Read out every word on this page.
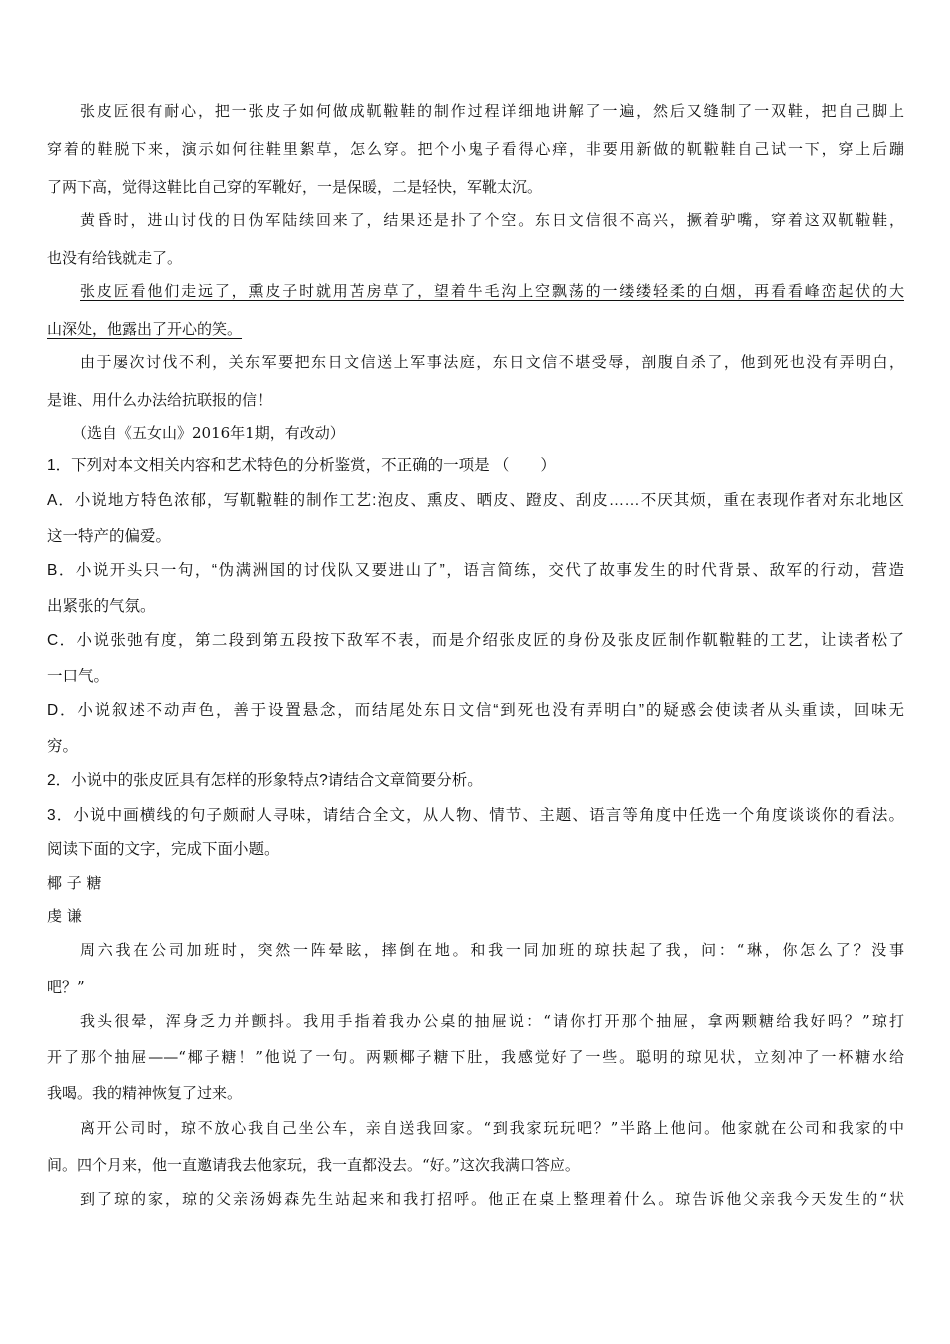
张皮匠很有耐心，把一张皮子如何做成靰鞡鞋的制作过程详细地讲解了一遍，然后又缝制了一双鞋，把自己脚上
穿着的鞋脱下来，演示如何往鞋里絮草，怎么穿。把个小鬼子看得心痒，非要用新做的靰鞡鞋自己试一下，穿上后蹦
了两下高，觉得这鞋比自己穿的军靴好，一是保暖，二是轻快，军靴太沉。
黄昏时，进山讨伐的日伪军陆续回来了，结果还是扑了个空。东日文信很不高兴，撅着驴嘴，穿着这双靰鞡鞋，
也没有给钱就走了。
张皮匠看他们走远了，熏皮子时就用苫房草了，望着牛毛沟上空飘荡的一缕缕轻柔的白烟，再看看峰峦起伏的大
山深处，他露出了开心的笑。
由于屡次讨伐不利，关东军要把东日文信送上军事法庭，东日文信不堪受辱，剖腹自杀了，他到死也没有弄明白，
是谁、用什么办法给抗联报的信！
（选自《五女山》2016年1期，有改动）
1．下列对本文相关内容和艺术特色的分析鉴赏，不正确的一项是 （　　）
A．小说地方特色浓郁，写靰鞡鞋的制作工艺:泡皮、熏皮、晒皮、蹬皮、刮皮……不厌其烦，重在表现作者对东北地区
这一特产的偏爱。
B．小说开头只一句，“伪满洲国的讨伐队又要进山了”，语言简练，交代了故事发生的时代背景、敌军的行动，营造
出紧张的气氛。
C．小说张弛有度，第二段到第五段按下敌军不表，而是介绍张皮匠的身份及张皮匠制作靰鞡鞋的工艺，让读者松了
一口气。
D．小说叙述不动声色，善于设置悬念，而结尾处东日文信“到死也没有弄明白”的疑惑会使读者从头重读，回味无
穷。
2．小说中的张皮匠具有怎样的形象特点?请结合文章简要分析。
3．小说中画横线的句子颇耐人寻味，请结合全文，从人物、情节、主题、语言等角度中任选一个角度谈谈你的看法。
阅读下面的文字，完成下面小题。
椰 子 糖
虔 谦
周六我在公司加班时，突然一阵晕眩，摔倒在地。和我一同加班的琼扶起了我，问：“琳，你怎么了？没事
吧？”
我头很晕，浑身乏力并颤抖。我用手指着我办公桌的抽屉说：“请你打开那个抽屉，拿两颗糖给我好吗？”琼打
开了那个抽屉——“椰子糖！”他说了一句。两颗椰子糖下肚，我感觉好了一些。聪明的琼见状，立刻冲了一杯糖水给
我喝。我的精神恢复了过来。
离开公司时，琼不放心我自己坐公车，亲自送我回家。“到我家玩玩吧？”半路上他问。他家就在公司和我家的中
间。四个月来，他一直邀请我去他家玩，我一直都没去。“好。”这次我满口答应。
到了琼的家，琼的父亲汤姆森先生站起来和我打招呼。他正在桌上整理着什么。琼告诉他父亲我今天发生的“状
